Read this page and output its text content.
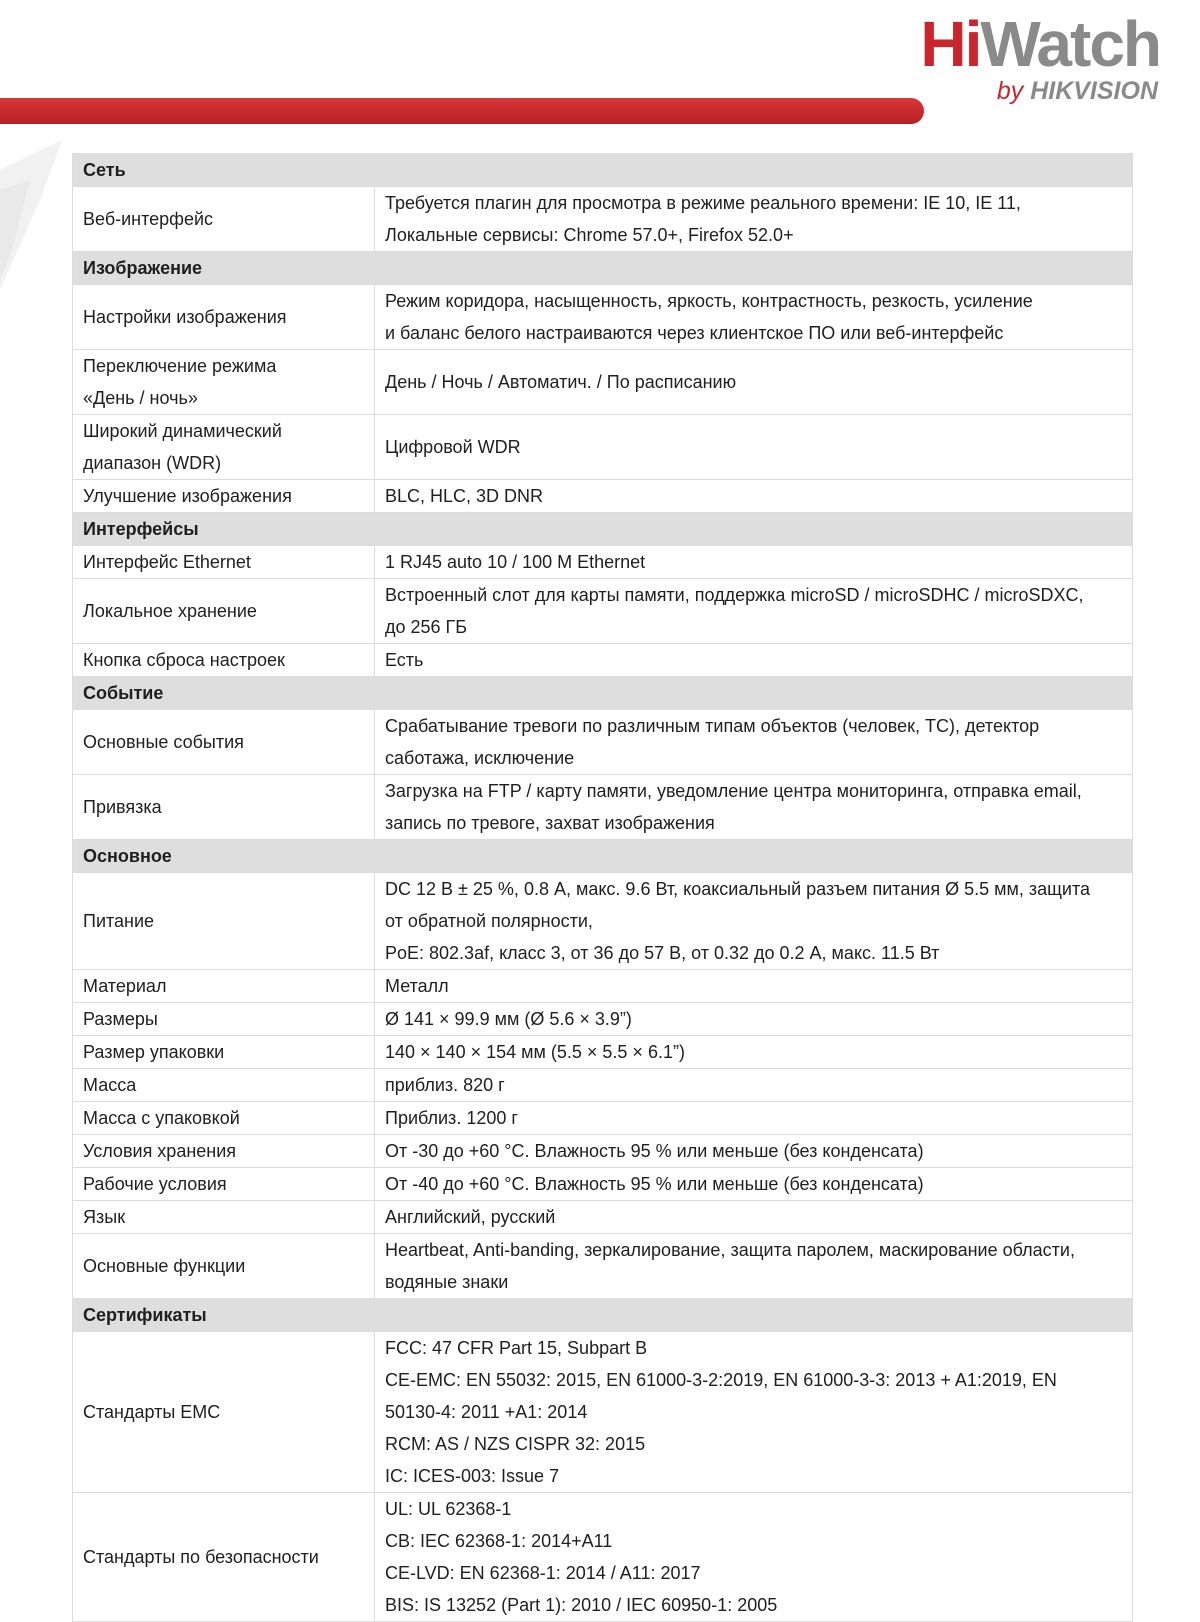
HiWatch
by HIKVISION
Сеть	

Веб-интерфейс	Требуется плагин для просмотра в режиме реального времени: IE 10, IE 11,
Локальные сервисы: Chrome 57.0+, Firefox 52.0+

Изображение	

Настройки изображения	Режим коридора, насыщенность, яркость, контрастность, резкость, усиление
и баланс белого настраиваются через клиентское ПО или веб-интерфейс

Переключение режима
«День / ночь»	День / Ночь / Автоматич. / По расписанию

Широкий динамический
диапазон (WDR)	Цифровой WDR

Улучшение изображения	BLC, HLC, 3D DNR

Интерфейсы	

Интерфейс Ethernet	1 RJ45 auto 10 / 100 M Ethernet

Локальное хранение	Встроенный слот для карты памяти, поддержка microSD / microSDHC / microSDXC,
до 256 ГБ

Кнопка сброса настроек	Есть

Событие	

Основные события	Срабатывание тревоги по различным типам объектов (человек, ТС), детектор
саботажа, исключение

Привязка	Загрузка на FTP / карту памяти, уведомление центра мониторинга, отправка email,
запись по тревоге, захват изображения

Основное	

Питание	DC 12 В ± 25 %, 0.8 А, макс. 9.6 Вт, коаксиальный разъем питания Ø 5.5 мм, защита
от обратной полярности,
PoE: 802.3af, класс 3, от 36 до 57 В, от 0.32 до 0.2 А, макс. 11.5 Вт

Материал	Металл

Размеры	Ø 141 × 99.9 мм (Ø 5.6 × 3.9”)

Размер упаковки	140 × 140 × 154 мм (5.5 × 5.5 × 6.1”)

Масса	приблиз. 820 г

Масса с упаковкой	Приблиз. 1200 г

Условия хранения	От -30 до +60 °C. Влажность 95 % или меньше (без конденсата)

Рабочие условия	От -40 до +60 °C. Влажность 95 % или меньше (без конденсата)

Язык	Английский, русский

Основные функции	Heartbeat, Anti-banding, зеркалирование, защита паролем, маскирование области,
водяные знаки

Сертификаты	

Стандарты EMC	FCC: 47 CFR Part 15, Subpart B
CE-EMC: EN 55032: 2015, EN 61000-3-2:2019, EN 61000-3-3: 2013 + A1:2019, EN
50130-4: 2011 +A1: 2014
RCM: AS / NZS CISPR 32: 2015
IC: ICES-003: Issue 7

Стандарты по безопасности	UL: UL 62368-1
CB: IEC 62368-1: 2014+A11
CE-LVD: EN 62368-1: 2014 / A11: 2017
BIS: IS 13252 (Part 1): 2010 / IEC 60950-1: 2005
